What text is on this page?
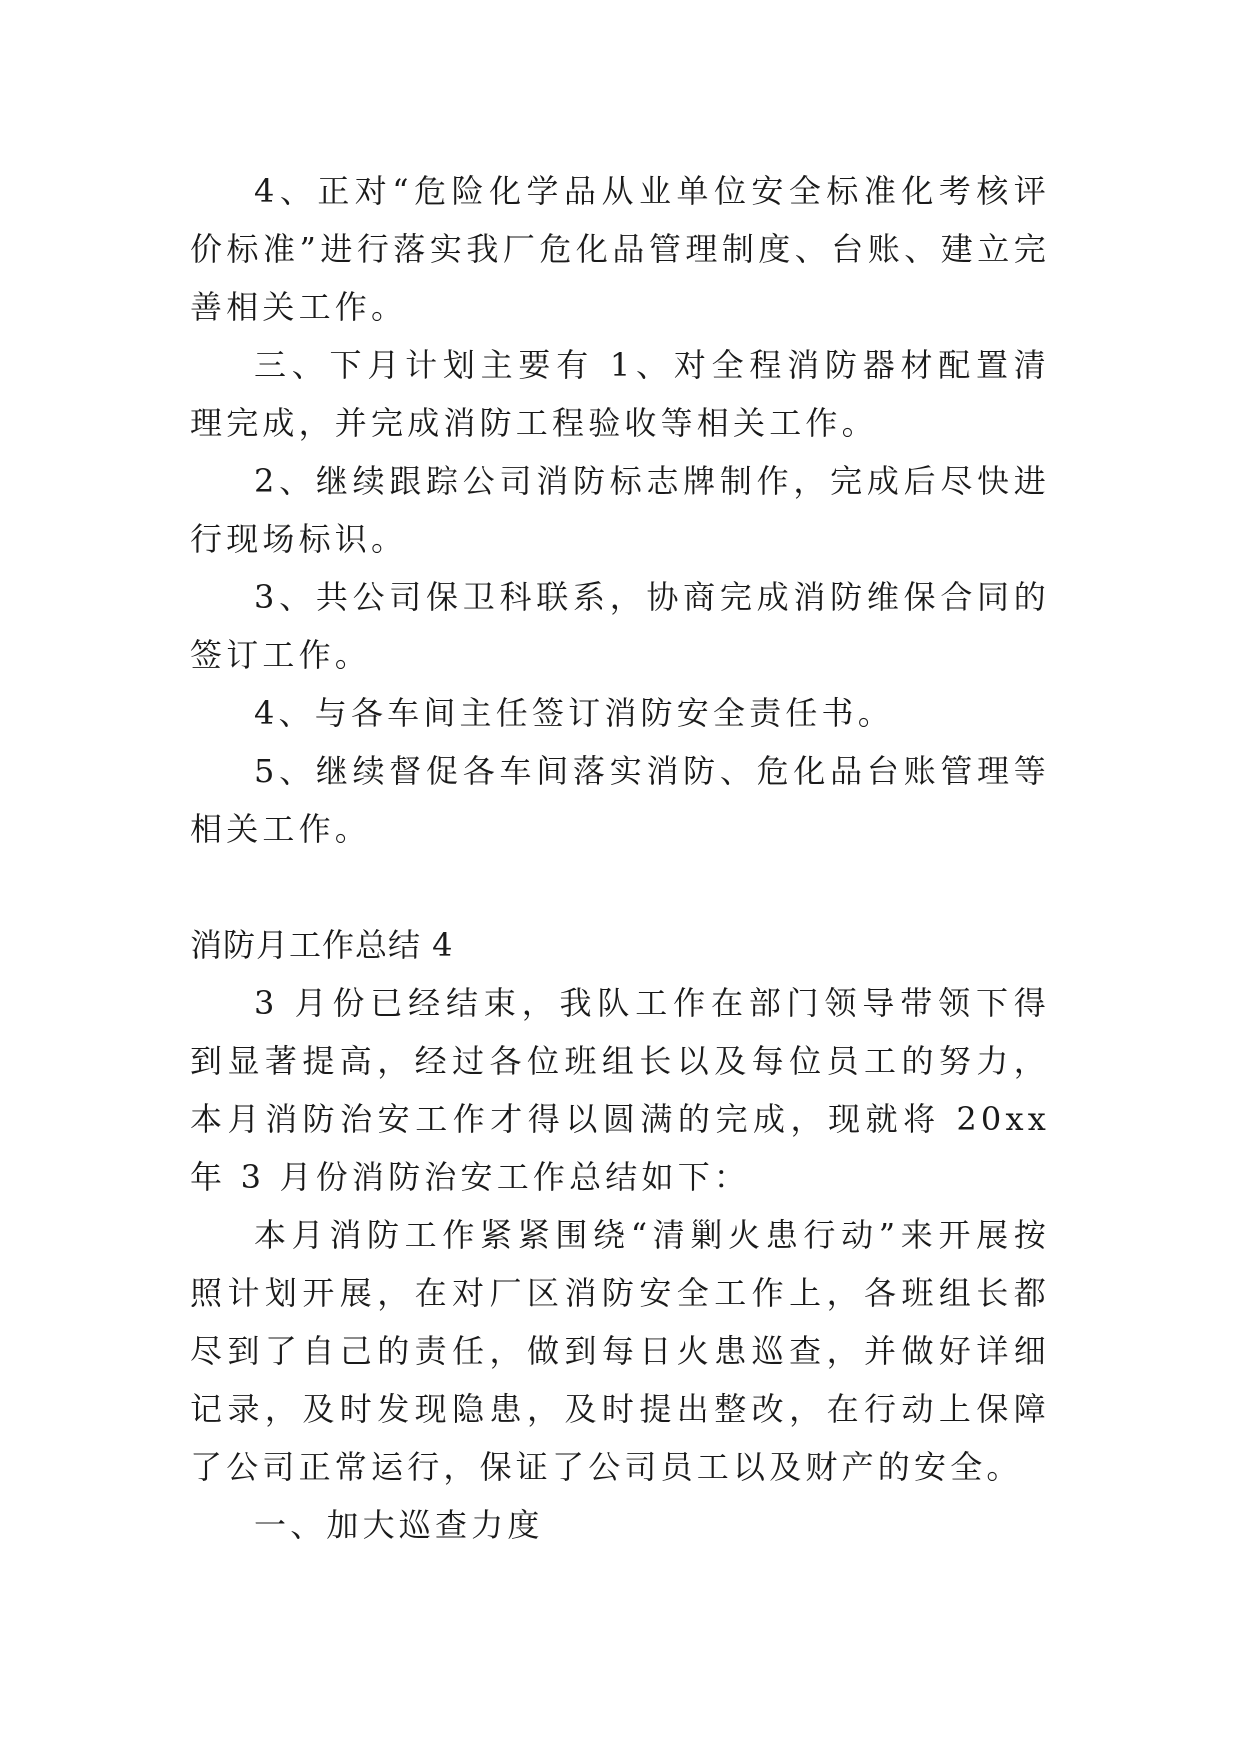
4、正对“危险化学品从业单位安全标准化考核评价标准”进行落实我厂危化品管理制度、台账、建立完善相关工作。

三、下月计划主要有 1、对全程消防器材配置清理完成，并完成消防工程验收等相关工作。

2、继续跟踪公司消防标志牌制作，完成后尽快进行现场标识。

3、共公司保卫科联系，协商完成消防维保合同的签订工作。

4、与各车间主任签订消防安全责任书。

5、继续督促各车间落实消防、危化品台账管理等相关工作。

消防月工作总结 4

3 月份已经结束，我队工作在部门领导带领下得到显著提高，经过各位班组长以及每位员工的努力，本月消防治安工作才得以圆满的完成，现就将 20xx 年 3 月份消防治安工作总结如下：

本月消防工作紧紧围绕“清剿火患行动”来开展按照计划开展，在对厂区消防安全工作上，各班组长都尽到了自己的责任，做到每日火患巡查，并做好详细记录，及时发现隐患，及时提出整改，在行动上保障了公司正常运行，保证了公司员工以及财产的安全。

一、加大巡查力度
